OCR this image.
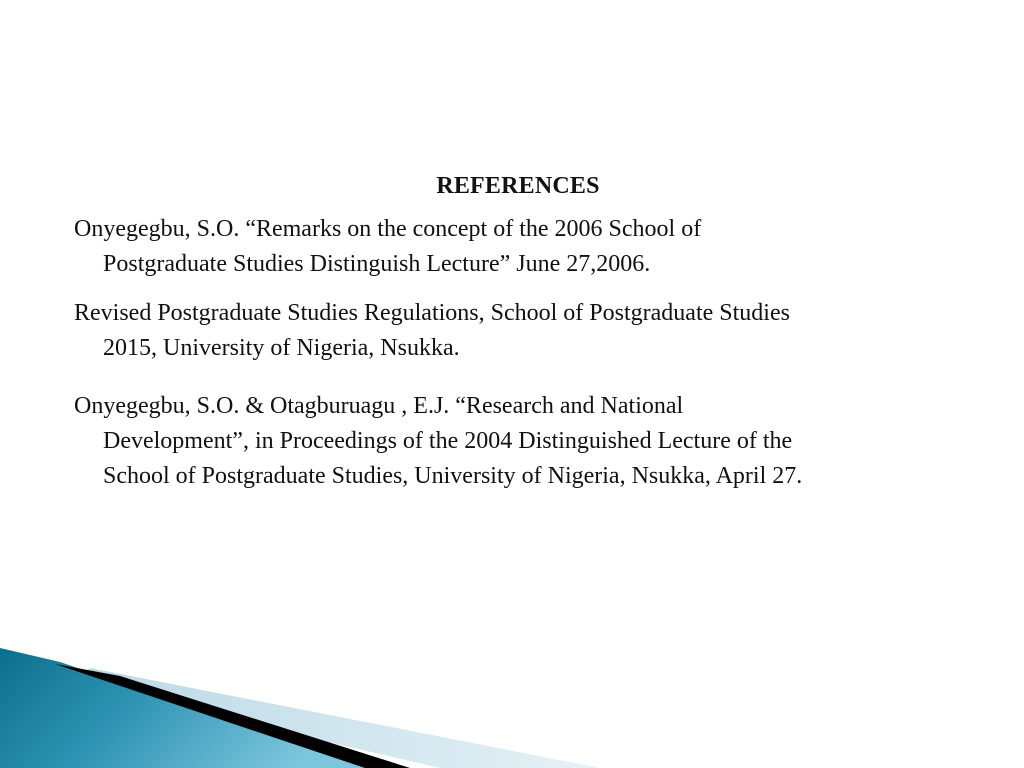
REFERENCES
Onyegegbu, S.O. “Remarks on the concept of the 2006 School of
Postgraduate Studies Distinguish Lecture” June 27,2006.
Revised Postgraduate Studies Regulations, School of Postgraduate Studies
2015, University of Nigeria, Nsukka.
Onyegegbu, S.O. & Otagburuagu , E.J. “Research and National
Development”, in Proceedings of the 2004 Distinguished Lecture of the
School of Postgraduate Studies, University of Nigeria, Nsukka, April 27.
